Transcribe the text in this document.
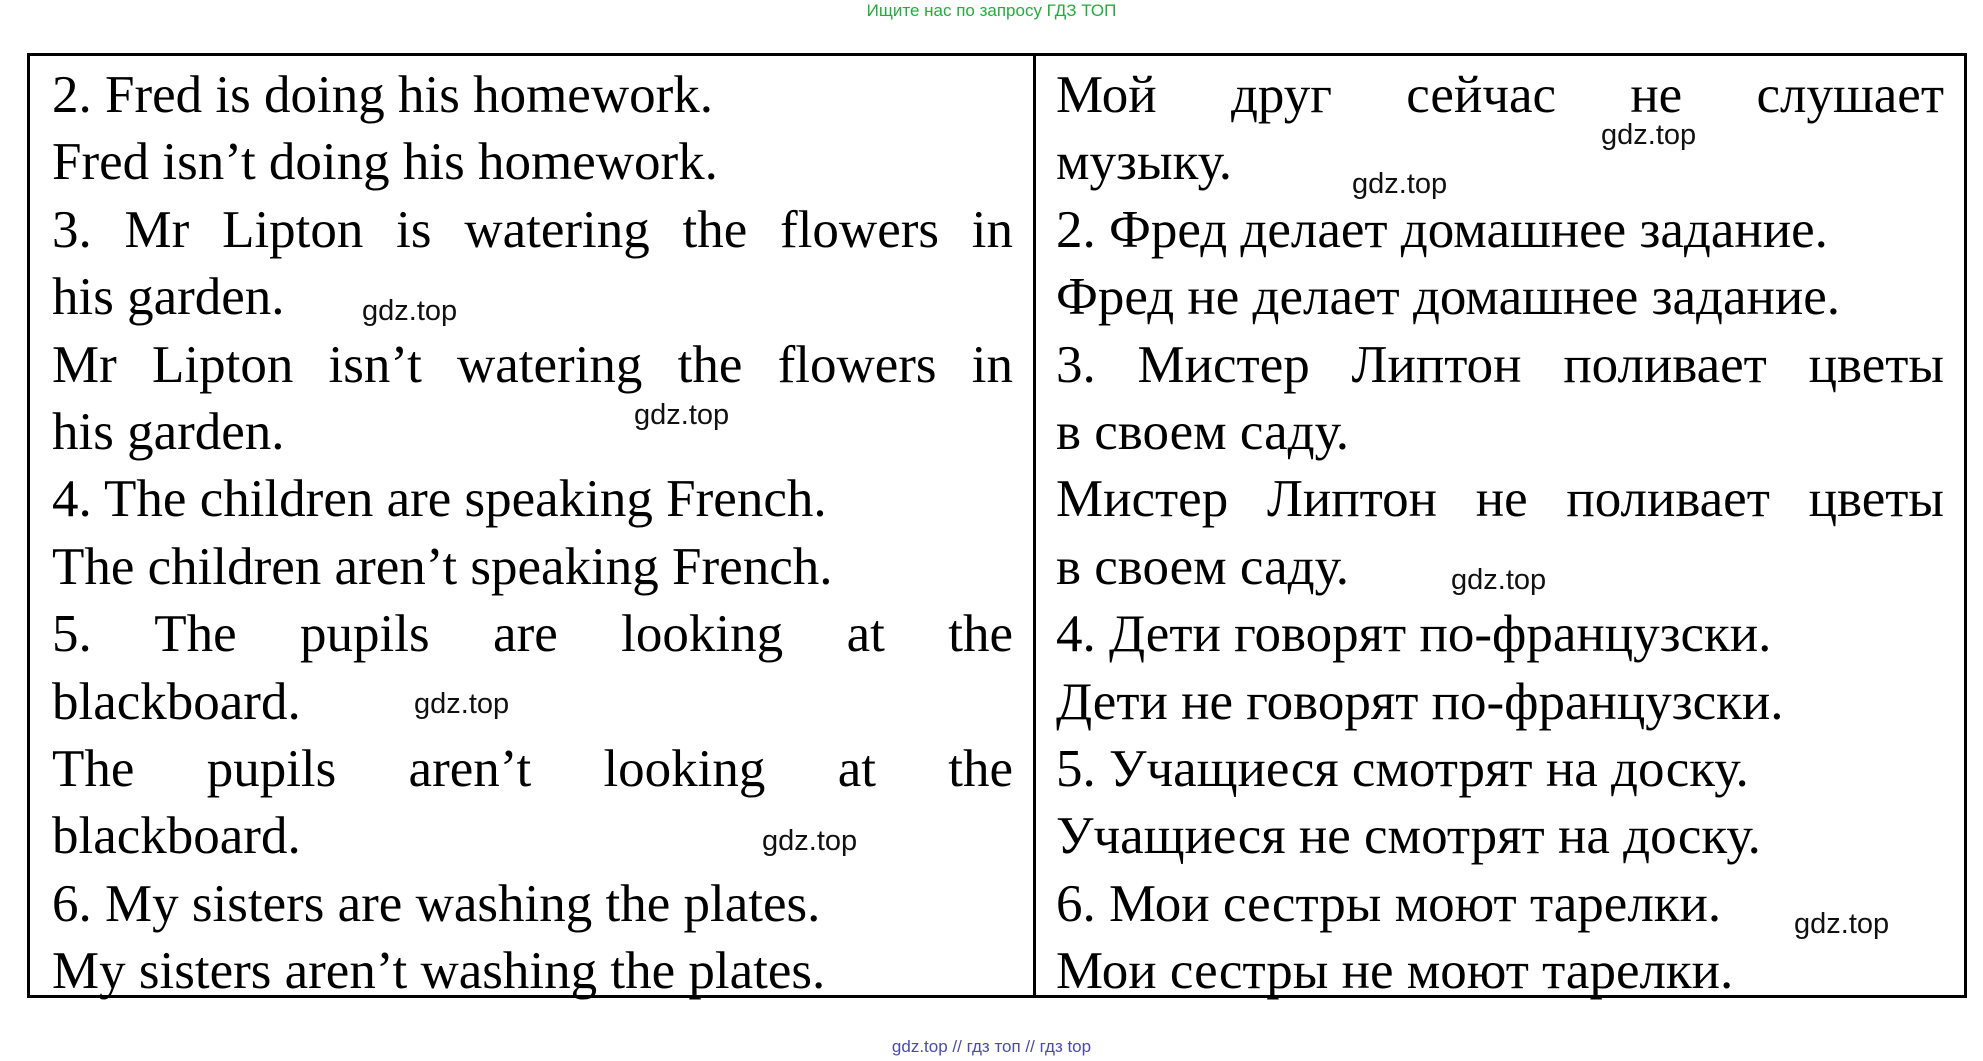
Ищите нас по запросу ГДЗ ТОП
2. Fred is doing his homework.
Fred isn’t doing his homework.
3. Mr Lipton is watering the flowers in
his garden.
Mr Lipton isn’t watering the flowers in
his garden.
4. The children are speaking French.
The children aren’t speaking French.
5. The pupils are looking at the
blackboard.
The pupils aren’t looking at the
blackboard.
6. My sisters are washing the plates.
My sisters aren’t washing the plates.
Мой друг сейчас не слушает
музыку.
2. Фред делает домашнее задание.
Фред не делает домашнее задание.
3. Мистер Липтон поливает цветы
в своем саду.
Мистер Липтон не поливает цветы
в своем саду.
4. Дети говорят по-французски.
Дети не говорят по-французски.
5. Учащиеся смотрят на доску.
Учащиеся не смотрят на доску.
6. Мои сестры моют тарелки.
Мои сестры не моют тарелки.
gdz.top
gdz.top
gdz.top
gdz.top
gdz.top
gdz.top
gdz.top
gdz.top
gdz.top // гдз топ // гдз top
